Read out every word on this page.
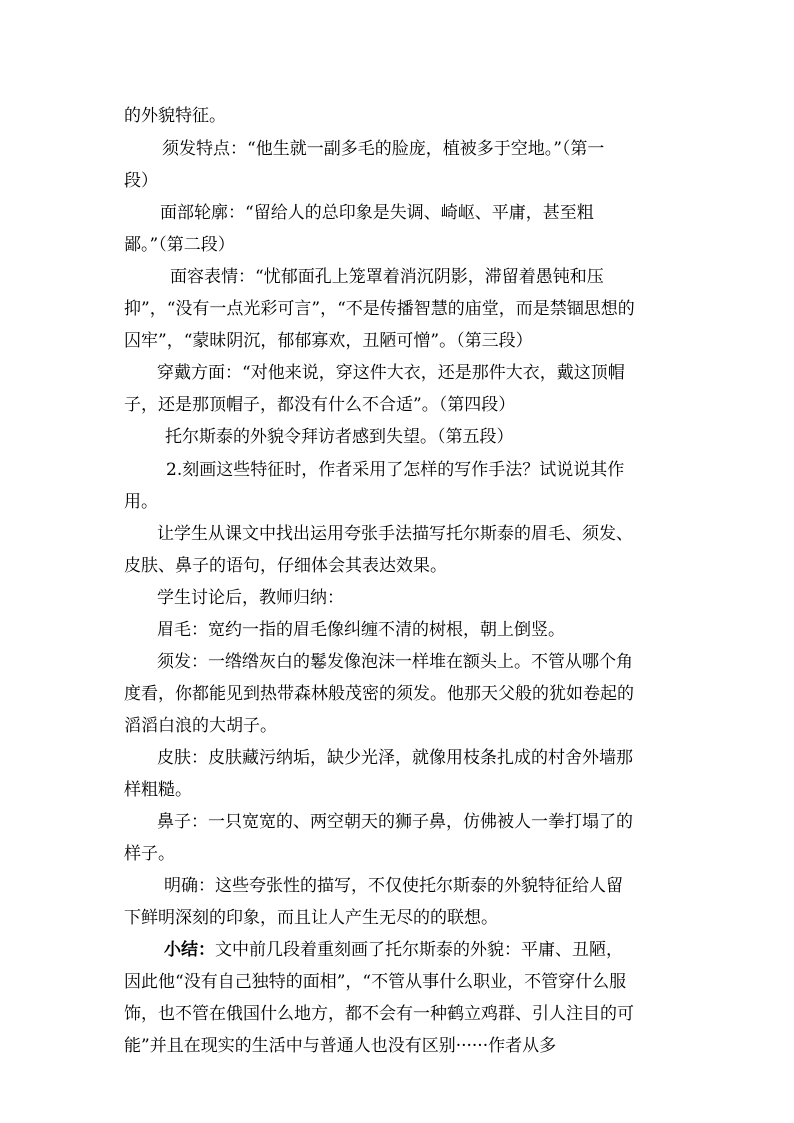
的外貌特征。
须发特点：“他生就一副多毛的脸庞，植被多于空地。”（第一
段）
面部轮廓：“留给人的总印象是失调、崎岖、平庸，甚至粗
鄙。”（第二段）
面容表情：“忧郁面孔上笼罩着消沉阴影，滞留着愚钝和压
抑”，“没有一点光彩可言”，“不是传播智慧的庙堂，而是禁锢思想的
囚牢”，“蒙昧阴沉，郁郁寡欢，丑陋可憎”。（第三段）
穿戴方面：“对他来说，穿这件大衣，还是那件大衣，戴这顶帽
子，还是那顶帽子，都没有什么不合适”。（第四段）
托尔斯泰的外貌令拜访者感到失望。（第五段）
2.刻画这些特征时，作者采用了怎样的写作手法？试说说其作
用。
让学生从课文中找出运用夸张手法描写托尔斯泰的眉毛、须发、
皮肤、鼻子的语句，仔细体会其表达效果。
学生讨论后，教师归纳：
眉毛：宽约一指的眉毛像纠缠不清的树根，朝上倒竖。
须发：一绺绺灰白的鬈发像泡沫一样堆在额头上。不管从哪个角
度看，你都能见到热带森林般茂密的须发。他那天父般的犹如卷起的
滔滔白浪的大胡子。
皮肤：皮肤藏污纳垢，缺少光泽，就像用枝条扎成的村舍外墙那
样粗糙。
鼻子：一只宽宽的、两空朝天的狮子鼻，仿佛被人一拳打塌了的
样子。
明确：这些夸张性的描写，不仅使托尔斯泰的外貌特征给人留
下鲜明深刻的印象，而且让人产生无尽的的联想。
小结：文中前几段着重刻画了托尔斯泰的外貌：平庸、丑陋，
因此他“没有自己独特的面相”，“不管从事什么职业，不管穿什么服
饰，也不管在俄国什么地方，都不会有一种鹤立鸡群、引人注目的可
能”并且在现实的生活中与普通人也没有区别······作者从多
